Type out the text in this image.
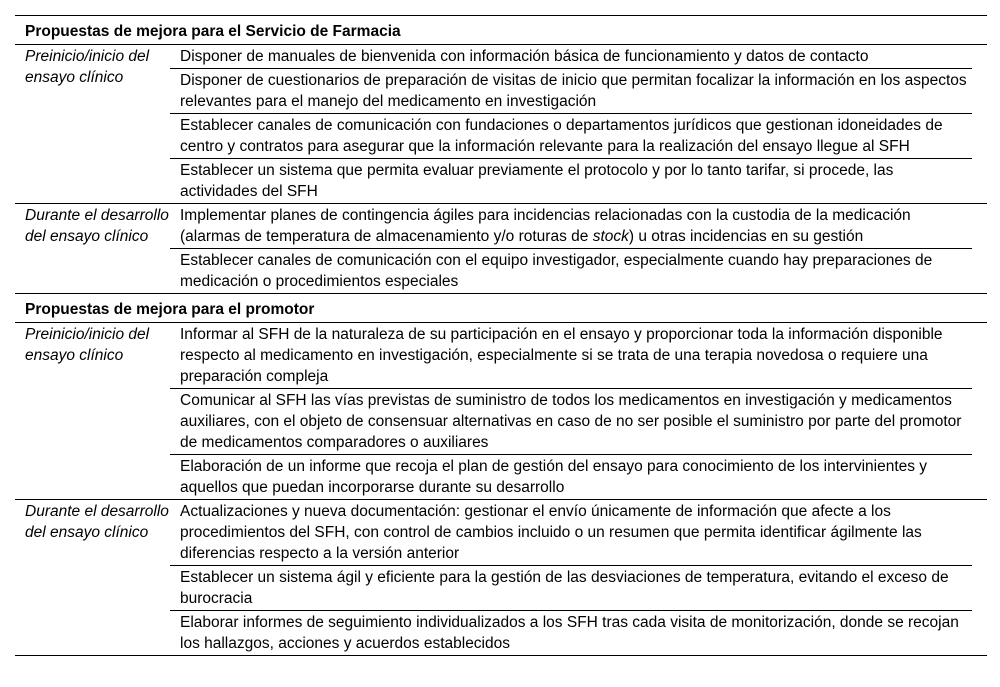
Propuestas de mejora para el Servicio de Farmacia
Preinicio/inicio del ensayo clínico
Disponer de manuales de bienvenida con información básica de funcionamiento y datos de contacto
Disponer de cuestionarios de preparación de visitas de inicio que permitan focalizar la información en los aspectos relevantes para el manejo del medicamento en investigación
Establecer canales de comunicación con fundaciones o departamentos jurídicos que gestionan idoneidades de centro y contratos para asegurar que la información relevante para la realización del ensayo llegue al SFH
Establecer un sistema que permita evaluar previamente el protocolo y por lo tanto tarifar, si procede, las actividades del SFH
Durante el desarrollo del ensayo clínico
Implementar planes de contingencia ágiles para incidencias relacionadas con la custodia de la medicación (alarmas de temperatura de almacenamiento y/o roturas de stock) u otras incidencias en su gestión
Establecer canales de comunicación con el equipo investigador, especialmente cuando hay preparaciones de medicación o procedimientos especiales
Propuestas de mejora para el promotor
Preinicio/inicio del ensayo clínico
Informar al SFH de la naturaleza de su participación en el ensayo y proporcionar toda la información disponible respecto al medicamento en investigación, especialmente si se trata de una terapia novedosa o requiere una preparación compleja
Comunicar al SFH las vías previstas de suministro de todos los medicamentos en investigación y medicamentos auxiliares, con el objeto de consensuar alternativas en caso de no ser posible el suministro por parte del promotor de medicamentos comparadores o auxiliares
Elaboración de un informe que recoja el plan de gestión del ensayo para conocimiento de los intervinientes y aquellos que puedan incorporarse durante su desarrollo
Durante el desarrollo del ensayo clínico
Actualizaciones y nueva documentación: gestionar el envío únicamente de información que afecte a los procedimientos del SFH, con control de cambios incluido o un resumen que permita identificar ágilmente las diferencias respecto a la versión anterior
Establecer un sistema ágil y eficiente para la gestión de las desviaciones de temperatura, evitando el exceso de burocracia
Elaborar informes de seguimiento individualizados a los SFH tras cada visita de monitorización, donde se recojan los hallazgos, acciones y acuerdos establecidos
